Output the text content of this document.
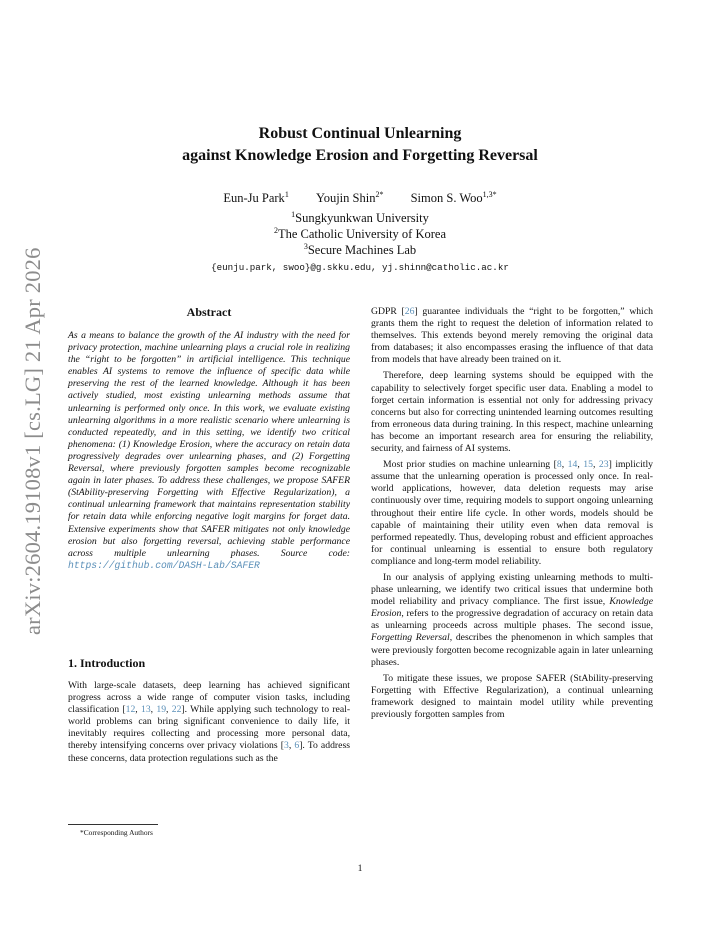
arXiv:2604.19108v1 [cs.LG] 21 Apr 2026
Robust Continual Unlearning
against Knowledge Erosion and Forgetting Reversal
Eun-Ju Park$^1$ Youjin Shin$^{2*}$ Simon S. Woo$^{1,3*}$
$^1$Sungkyunkwan University
$^2$The Catholic University of Korea
$^3$Secure Machines Lab
{eunju.park, swoo}@g.skku.edu, yj.shinn@catholic.ac.kr
Abstract
As a means to balance the growth of the AI industry with the need for privacy protection, machine unlearning plays a crucial role in realizing the “right to be forgotten” in artificial intelligence. This technique enables AI systems to remove the influence of specific data while preserving the rest of the learned knowledge. Although it has been actively studied, most existing unlearning methods assume that unlearning is performed only once. In this work, we evaluate existing unlearning algorithms in a more realistic scenario where unlearning is conducted repeatedly, and in this setting, we identify two critical phenomena: (1) Knowledge Erosion, where the accuracy on retain data progressively degrades over unlearning phases, and (2) Forgetting Reversal, where previously forgotten samples become recognizable again in later phases. To address these challenges, we propose SAFER (StAbility-preserving Forgetting with Effective Regularization), a continual unlearning framework that maintains representation stability for retain data while enforcing negative logit margins for forget data. Extensive experiments show that SAFER mitigates not only knowledge erosion but also forgetting reversal, achieving stable performance across multiple unlearning phases. Source code: https://github.com/DASH-Lab/SAFER
1. Introduction

With large-scale datasets, deep learning has achieved significant progress across a wide range of computer vision tasks, including classification [12, 13, 19, 22]. While applying such technology to real-world problems can bring significant convenience to daily life, it inevitably requires collecting and processing more personal data, thereby intensifying concerns over privacy violations [3, 6]. To address these concerns, data protection regulations such as the

GDPR [26] guarantee individuals the “right to be forgotten,” which grants them the right to request the deletion of information related to themselves. This extends beyond merely removing the original data from databases; it also encompasses erasing the influence of that data from models that have already been trained on it.

Therefore, deep learning systems should be equipped with the capability to selectively forget specific user data. Enabling a model to forget certain information is essential not only for addressing privacy concerns but also for correcting unintended learning outcomes resulting from erroneous data during training. In this respect, machine unlearning has become an important research area for ensuring the reliability, security, and fairness of AI systems.

Most prior studies on machine unlearning [8, 14, 15, 23] implicitly assume that the unlearning operation is processed only once. In real-world applications, however, data deletion requests may arise continuously over time, requiring models to support ongoing unlearning throughout their entire life cycle. In other words, models should be capable of maintaining their utility even when data removal is performed repeatedly. Thus, developing robust and efficient approaches for continual unlearning is essential to ensure both regulatory compliance and long-term model reliability.

In our analysis of applying existing unlearning methods to multi-phase unlearning, we identify two critical issues that undermine both model reliability and privacy compliance. The first issue, Knowledge Erosion, refers to the progressive degradation of accuracy on retain data as unlearning proceeds across multiple phases. The second issue, Forgetting Reversal, describes the phenomenon in which samples that were previously forgotten become recognizable again in later unlearning phases.

To mitigate these issues, we propose SAFER (StAbility-preserving Forgetting with Effective Regularization), a continual unlearning framework designed to maintain model utility while preventing previously forgotten samples from

*Corresponding Authors
1
